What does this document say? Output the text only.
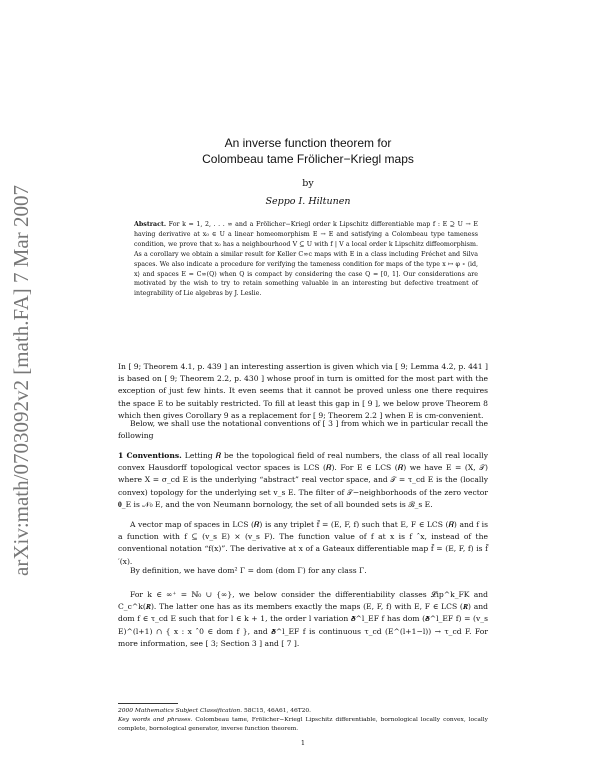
arXiv:math/0703092v2 [math.FA] 7 Mar 2007
An inverse function theorem for
Colombeau tame Frölicher−Kriegl maps
by
Seppo I. Hiltunen
Abstract. For k = 1, 2, . . . ∞ and a Frölicher−Kriegl order k Lipschitz differentiable map f : E ⊇ U → E having derivative at x₀ ∈ U a linear homeomorphism E → E and satisfying a Colombeau type tameness condition, we prove that x₀ has a neighbourhood V ⊆ U with f | V a local order k Lipschitz diffeomorphism. As a corollary we obtain a similar result for Keller C∞c maps with E in a class including Fréchet and Silva spaces. We also indicate a procedure for verifying the tameness condition for maps of the type x ↦ φ ∘ ⟨id, x⟩ and spaces E = C∞(Q) when Q is compact by considering the case Q = [0, 1]. Our considerations are motivated by the wish to try to retain something valuable in an interesting but defective treatment of integrability of Lie algebras by J. Leslie.
In [ 9; Theorem 4.1, p. 439 ] an interesting assertion is given which via [ 9; Lemma 4.2, p. 441 ] is based on [ 9; Theorem 2.2, p. 430 ] whose proof in turn is omitted for the most part with the exception of just few hints. It even seems that it cannot be proved unless one there requires the space E to be suitably restricted. To fill at least this gap in [ 9 ], we below prove Theorem 8 which then gives Corollary 9 as a replacement for [ 9; Theorem 2.2 ] when E is cm-convenient.
Below, we shall use the notational conventions of [ 3 ] from which we in particular recall the following
1 Conventions. Letting 𝑹 be the topological field of real numbers, the class of all real locally convex Hausdorff topological vector spaces is LCS (𝑹). For E ∈ LCS (𝑹) we have E = (X, 𝒯) where X = σ_cd E is the underlying “abstract” real vector space, and 𝒯 = τ_cd E is the (locally convex) topology for the underlying set v_s E. The filter of 𝒯−neighborhoods of the zero vector 𝟎_E is 𝒩₀ E, and the von Neumann bornology, the set of all bounded sets is ℬ_s E.
A vector map of spaces in LCS (𝑹) is any triplet f̃ = (E, F, f) such that E, F ∈ LCS (𝑹) and f is a function with f ⊆ (v_s E) × (v_s F). The function value of f at x is f ˆx, instead of the conventional notation “f(x)”. The derivative at x of a Gateaux differentiable map f̃ = (E, F, f) is f̃ ′(x).
By definition, we have dom² Γ = dom (dom Γ) for any class Γ.
For k ∈ ∞⁺ = ℕ₀ ∪ {∞}, we below consider the differentiability classes 𝓛ip^k_FK and C_c^k(𝑹). The latter one has as its members exactly the maps (E, F, f) with E, F ∈ LCS (𝑹) and dom f ∈ τ_cd E such that for l ∈ k + 1, the order l variation 𝜹^l_EF f has dom (𝜹^l_EF f) = (v_s E)^(l+1) ∩ { x : x ˆ0 ∈ dom f }, and 𝜹^l_EF f is continuous τ_cd (E^(l+1−l)) → τ_cd F. For more information, see [ 3; Section 3 ] and [ 7 ].
2000 Mathematics Subject Classification. 58C15, 46A61, 46T20.
Key words and phrases. Colombeau tame, Frölicher−Kriegl Lipschitz differentiable, bornological locally convex, locally complete, bornological generator, inverse function theorem.
1
